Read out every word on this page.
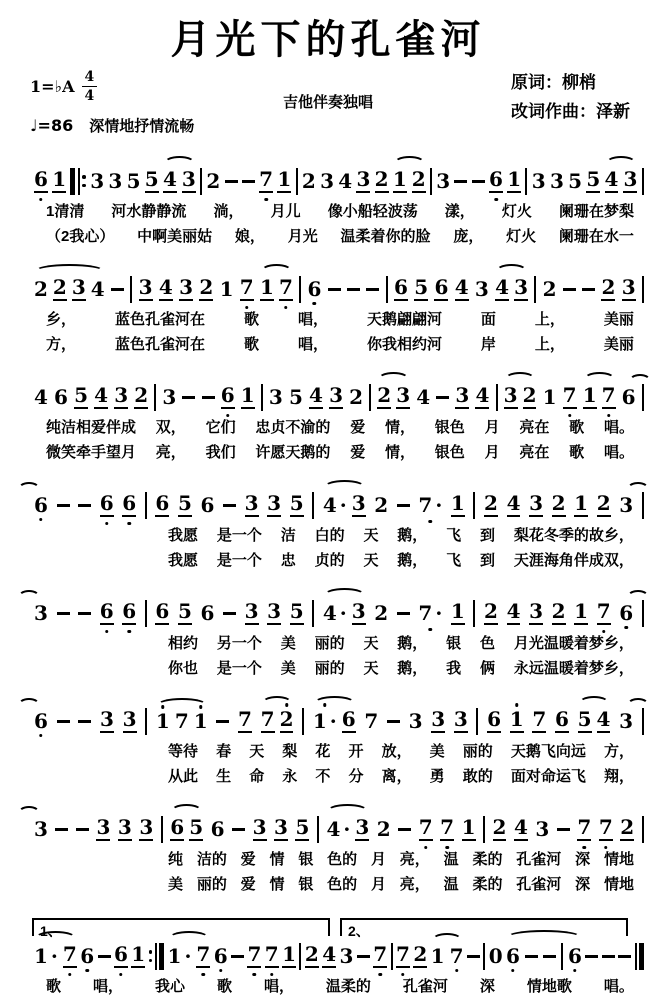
月光下的孔雀河
1=♭A $\frac{4}{4}$	吉他伴奏独唱
原词：柳梢
改词作曲：泽新
♩=86 深情地抒情流畅
6 1 3 3 5 5 4 3 2 7 1 2 3 4 3 2 1 2 3 6 1 3 3 5 5 4 3
1清清 河水静静流 淌， 月儿 像小船轻波荡 漾， 灯火 阑珊在梦梨
（2我心） 中啊美丽姑 娘， 月光 温柔着你的脸 庞， 灯火 阑珊在水一
2 2 3 4 3 4 3 2 1 7 1 7 6	6 5 6 4 3 4 3 2 2 3
乡，	蓝色孔雀河在	歌	唱，	天鹅翩翩河	面	上，	美丽
方，	蓝色孔雀河在	歌	唱，	你我相约河	岸	上，	美丽
4 6 5 4 3 2 3 6 1 3 5 4 3 2 2 3 4 3 4 3 2 1 7 1 7 6
纯洁相爱伴成 双， 它们 忠贞不渝的 爱 情， 银色 月 亮在 歌 唱。
微笑牵手望月 亮， 我们 许愿天鹅的 爱 情， 银色 月 亮在 歌 唱。
6	6 6 6 5 6 3 3 5 4 · 3 2 7 · 1 2 4 3 2 1 2 3
我愿 是一个 洁 白的 天 鹅， 飞 到 梨花冬季的故乡，
我愿 是一个 忠 贞的 天 鹅， 飞 到 天涯海角伴成双，
3	6 6 6 5 6 3 3 5 4 · 3 2 7 · 1 2 4 3 2 1 7 6
相约 另一个 美 丽的 天 鹅， 银 色 月光温暖着梦乡，
你也 是一个 美 丽的 天 鹅， 我 俩 永远温暖着梦乡，
6	3 3 1 7 1 7 7 2 1 · 6 7 3 3 3 6 1 7 6 5 4 3
等待 春 天 梨 花 开 放， 美 丽的 天鹅飞向远 方，
从此 生 命 永 不 分 离， 勇 敢的 面对命运飞 翔，
3 3 3 3 6 5 6 3 3 5 4 · 3 2 7 7 1 2 4 3 7 7 2
纯 洁的 爱 情 银 色的 月 亮， 温 柔的 孔雀河 深 情地
美 丽的 爱 情 银 色的 月 亮， 温 柔的 孔雀河 深 情地
1、	2、
1 · 7 6 6 1 1 · 7 6 7 7 1 2 4 3 7 7 2 1 7 0 6 6
歌 唱， 我心 歌 唱， 温柔的 孔雀河 深 情地歌 唱。
